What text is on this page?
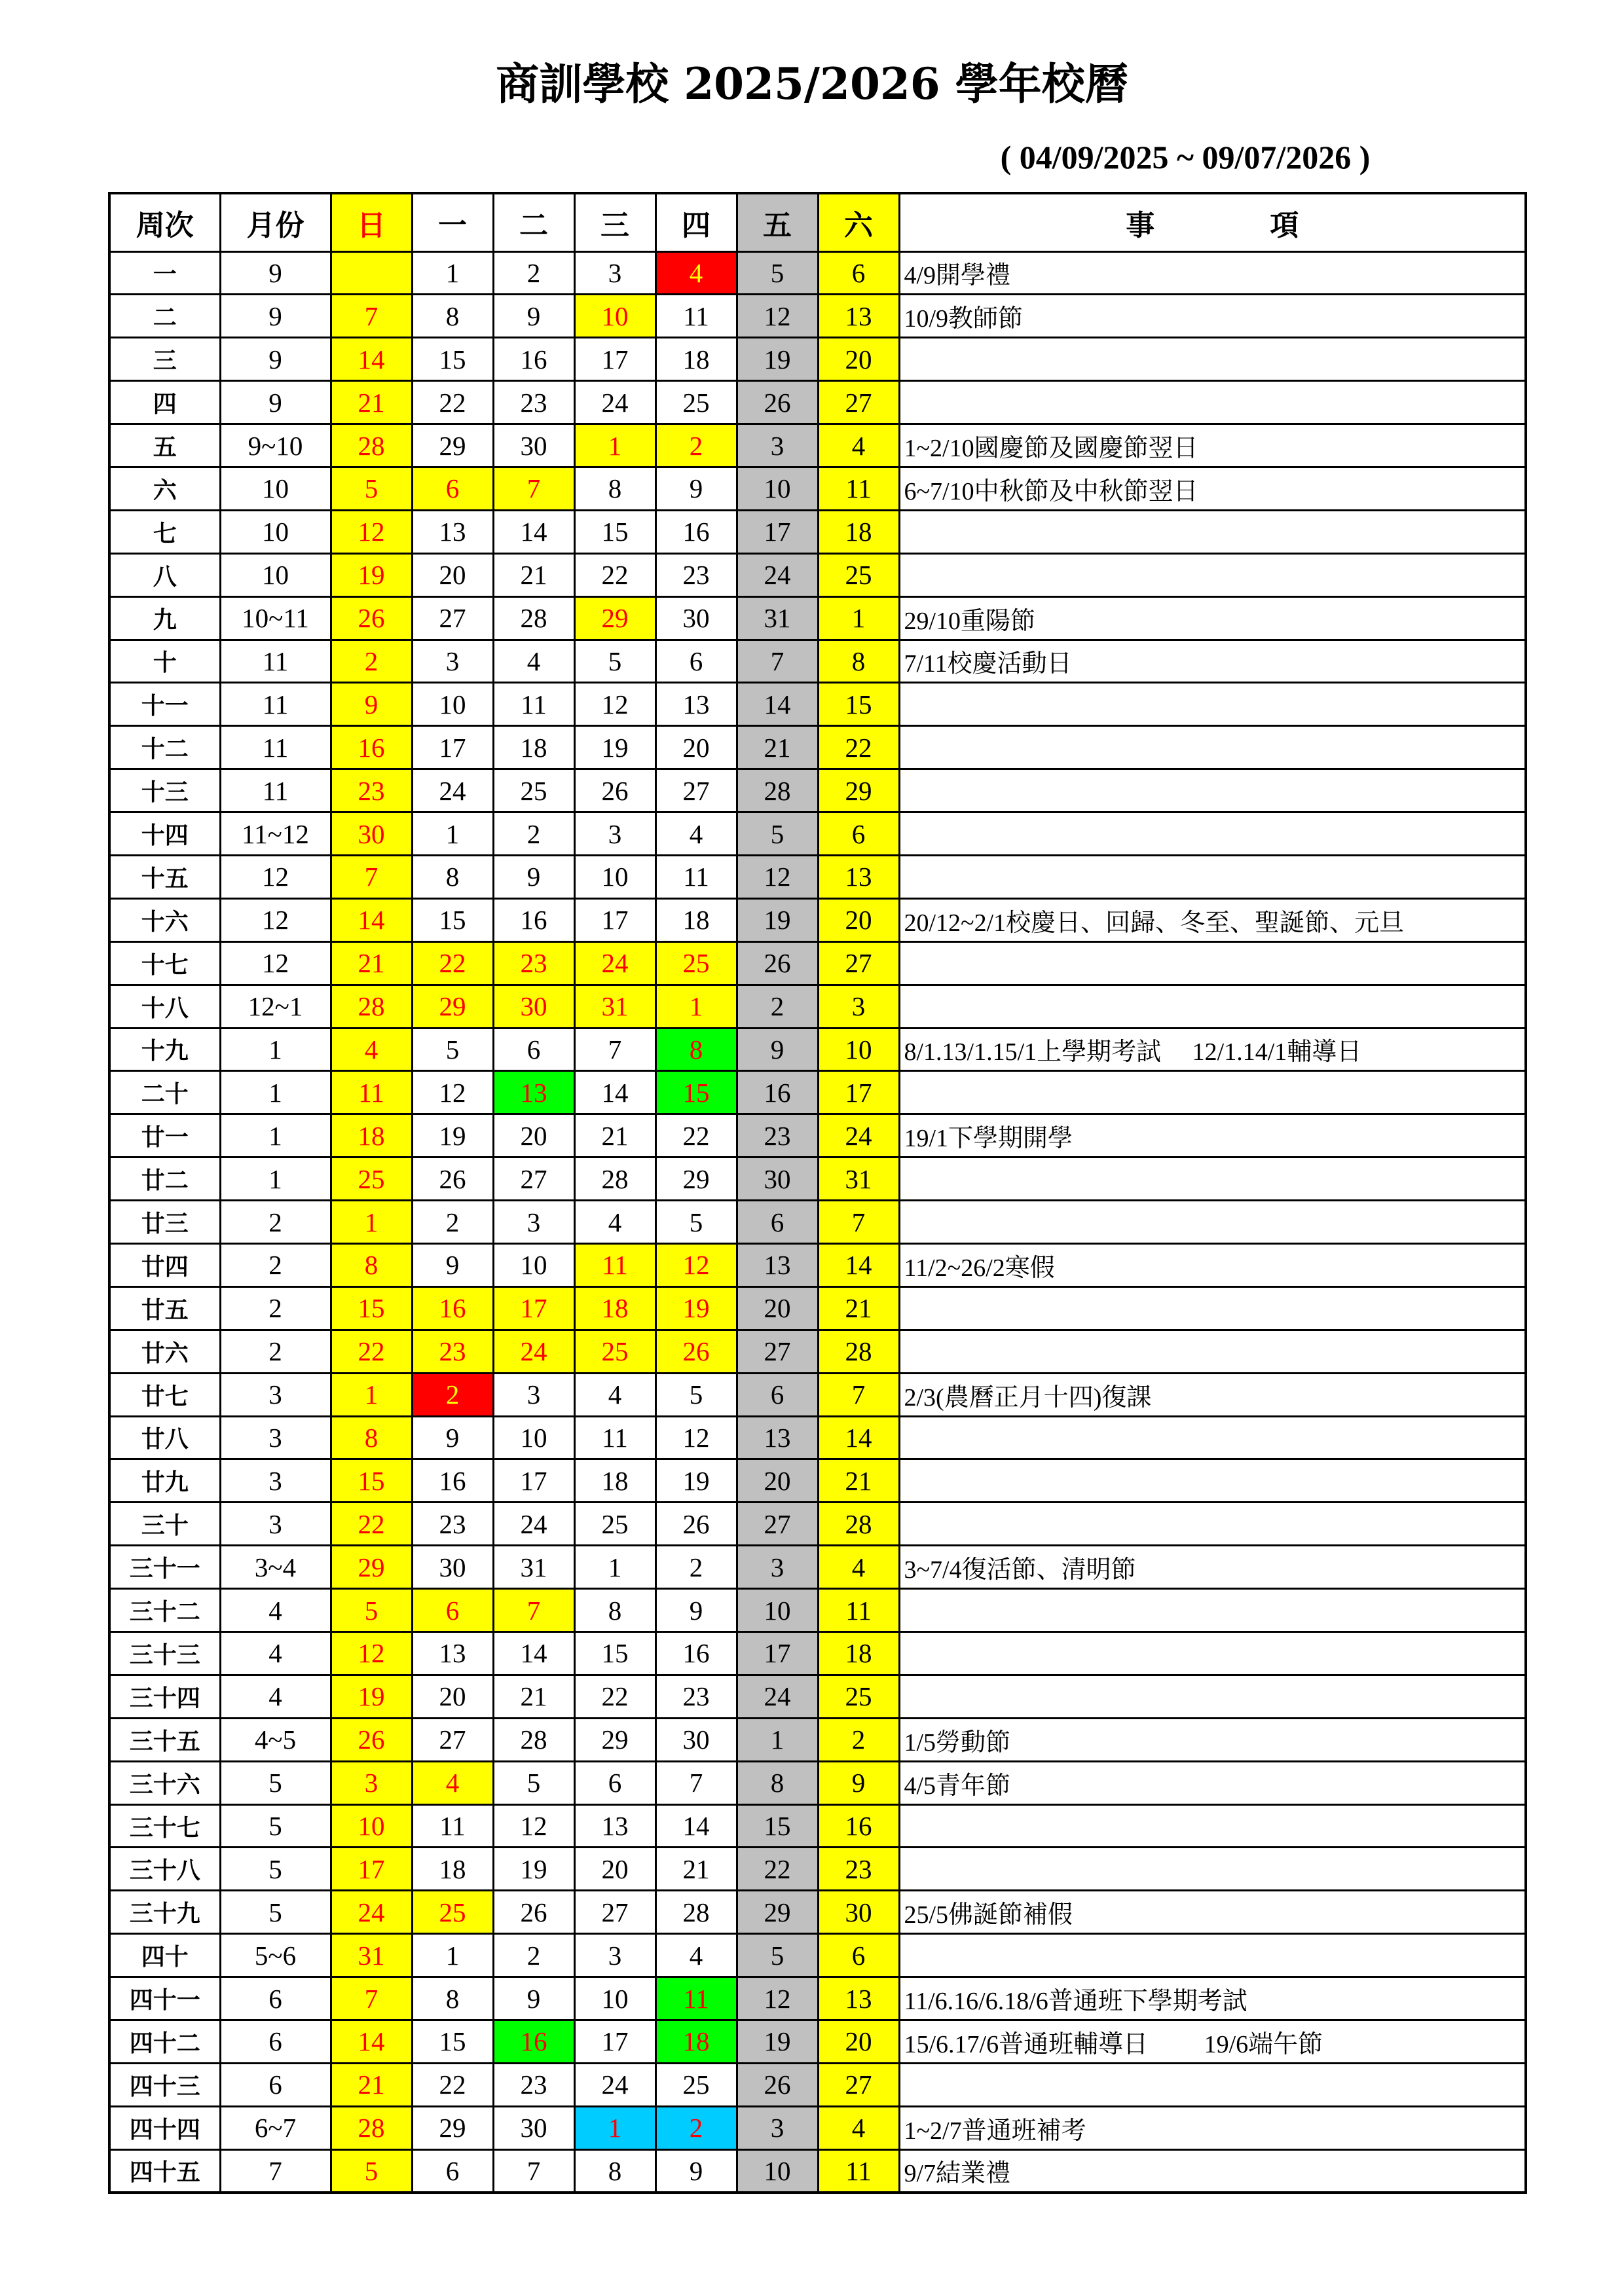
商訓學校 2025/2026 學年校曆
( 04/09/2025 ~ 09/07/2026 )
周次	月份	日	一	二	三	四	五	六	事　　　　項
一	9		1	2	3	4	5	6	4/9開學禮
二	9	7	8	9	10	11	12	13	10/9教師節
三	9	14	15	16	17	18	19	20	
四	9	21	22	23	24	25	26	27	
五	9~10	28	29	30	1	2	3	4	1~2/10國慶節及國慶節翌日
六	10	5	6	7	8	9	10	11	6~7/10中秋節及中秋節翌日
七	10	12	13	14	15	16	17	18	
八	10	19	20	21	22	23	24	25	
九	10~11	26	27	28	29	30	31	1	29/10重陽節
十	11	2	3	4	5	6	7	8	7/11校慶活動日
十一	11	9	10	11	12	13	14	15	
十二	11	16	17	18	19	20	21	22	
十三	11	23	24	25	26	27	28	29	
十四	11~12	30	1	2	3	4	5	6	
十五	12	7	8	9	10	11	12	13	
十六	12	14	15	16	17	18	19	20	20/12~2/1校慶日、回歸、冬至、聖誕節、元旦
十七	12	21	22	23	24	25	26	27	
十八	12~1	28	29	30	31	1	2	3	
十九	1	4	5	6	7	8	9	10	8/1.13/1.15/1上學期考試　 12/1.14/1輔導日
二十	1	11	12	13	14	15	16	17	
廿一	1	18	19	20	21	22	23	24	19/1下學期開學
廿二	1	25	26	27	28	29	30	31	
廿三	2	1	2	3	4	5	6	7	
廿四	2	8	9	10	11	12	13	14	11/2~26/2寒假
廿五	2	15	16	17	18	19	20	21	
廿六	2	22	23	24	25	26	27	28	
廿七	3	1	2	3	4	5	6	7	2/3(農曆正月十四)復課
廿八	3	8	9	10	11	12	13	14	
廿九	3	15	16	17	18	19	20	21	
三十	3	22	23	24	25	26	27	28	
三十一	3~4	29	30	31	1	2	3	4	3~7/4復活節、清明節
三十二	4	5	6	7	8	9	10	11	
三十三	4	12	13	14	15	16	17	18	
三十四	4	19	20	21	22	23	24	25	
三十五	4~5	26	27	28	29	30	1	2	1/5勞動節
三十六	5	3	4	5	6	7	8	9	4/5青年節
三十七	5	10	11	12	13	14	15	16	
三十八	5	17	18	19	20	21	22	23	
三十九	5	24	25	26	27	28	29	30	25/5佛誕節補假
四十	5~6	31	1	2	3	4	5	6	
四十一	6	7	8	9	10	11	12	13	11/6.16/6.18/6普通班下學期考試
四十二	6	14	15	16	17	18	19	20	15/6.17/6普通班輔導日　　 19/6端午節
四十三	6	21	22	23	24	25	26	27	
四十四	6~7	28	29	30	1	2	3	4	1~2/7普通班補考
四十五	7	5	6	7	8	9	10	11	9/7結業禮
